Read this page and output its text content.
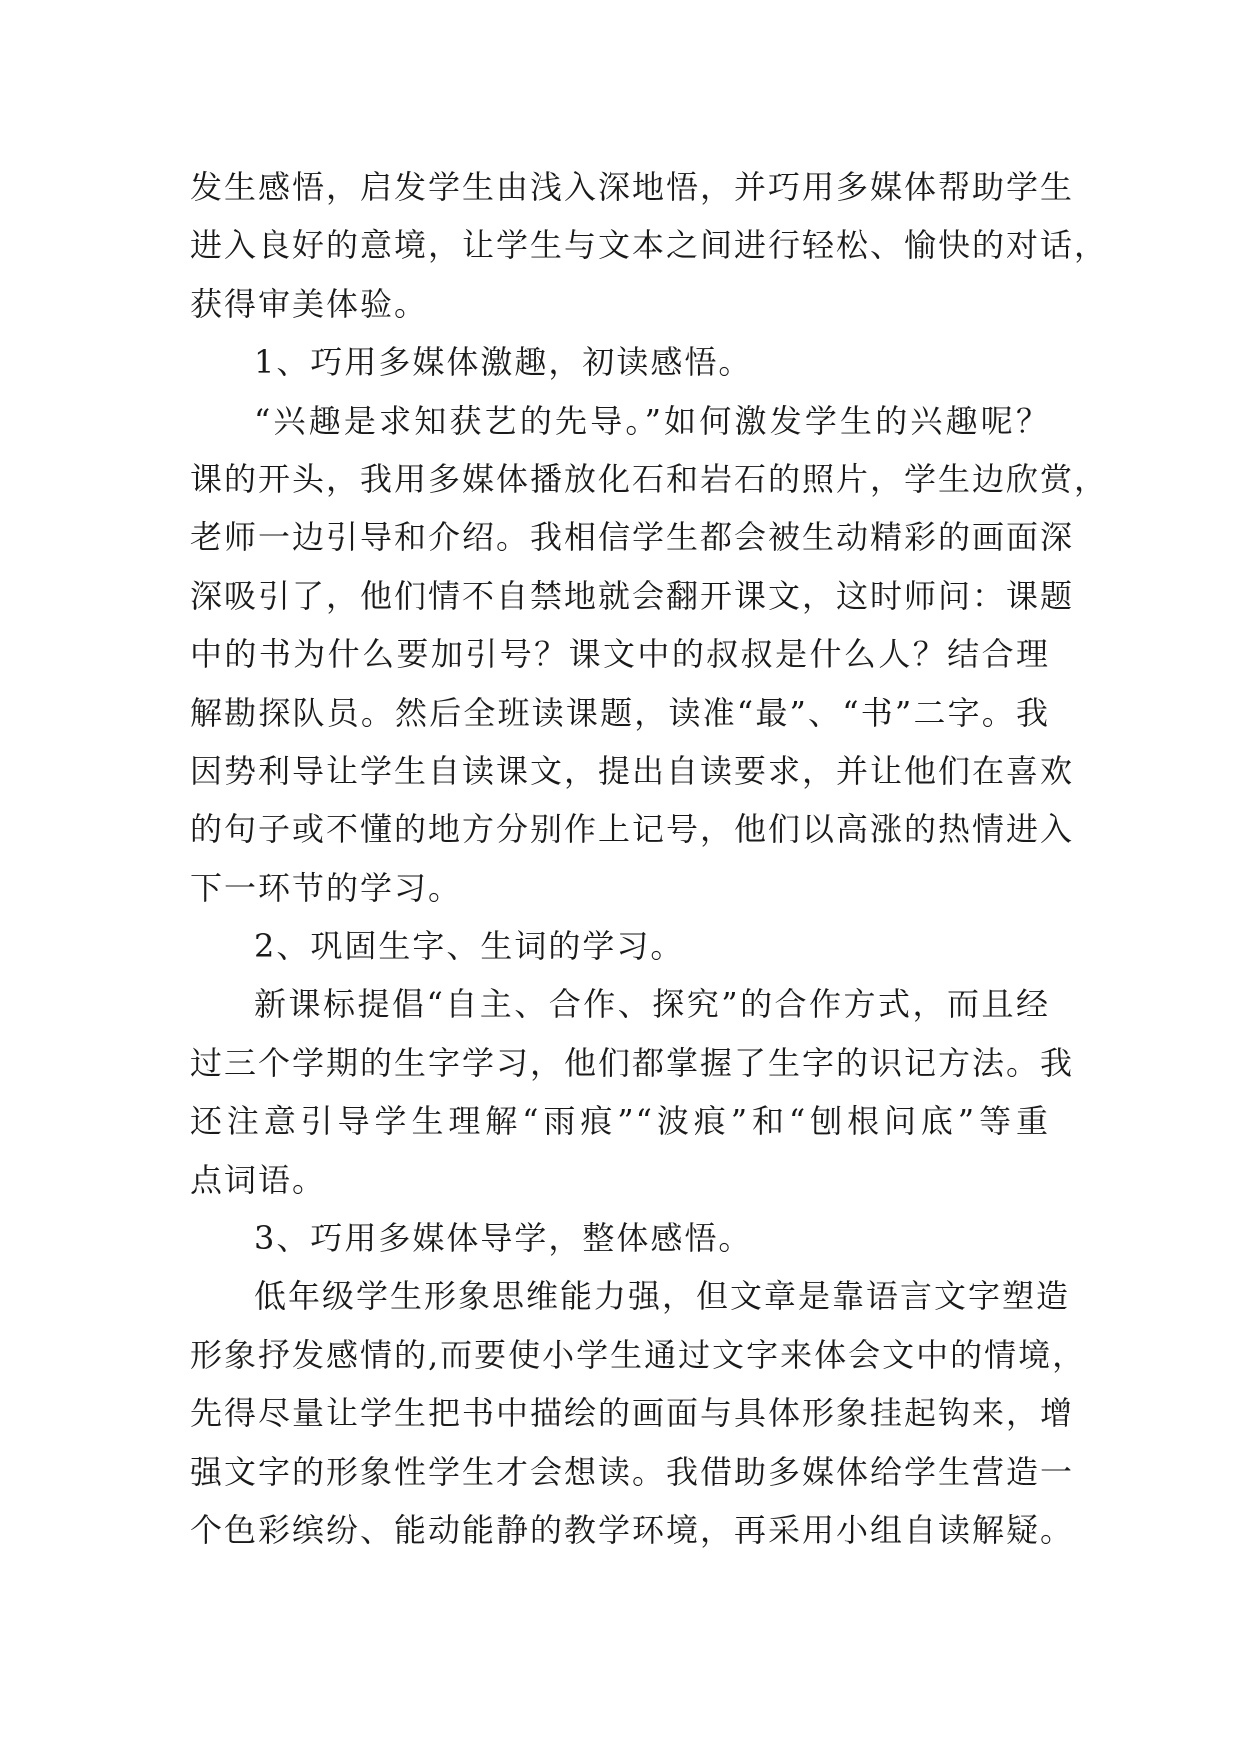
发生感悟，启发学生由浅入深地悟，并巧用多媒体帮助学生
进入良好的意境，让学生与文本之间进行轻松、愉快的对话，
获得审美体验。
1、巧用多媒体激趣，初读感悟。
“兴趣是求知获艺的先导。”如何激发学生的兴趣呢？
课的开头，我用多媒体播放化石和岩石的照片，学生边欣赏，
老师一边引导和介绍。我相信学生都会被生动精彩的画面深
深吸引了，他们情不自禁地就会翻开课文，这时师问：课题
中的书为什么要加引号？课文中的叔叔是什么人？结合理
解勘探队员。然后全班读课题，读准“最”、“书”二字。我
因势利导让学生自读课文，提出自读要求，并让他们在喜欢
的句子或不懂的地方分别作上记号，他们以高涨的热情进入
下一环节的学习。
2、巩固生字、生词的学习。
新课标提倡“自主、合作、探究”的合作方式，而且经
过三个学期的生字学习，他们都掌握了生字的识记方法。我
还注意引导学生理解“雨痕”“波痕”和“刨根问底”等重
点词语。
3、巧用多媒体导学，整体感悟。
低年级学生形象思维能力强，但文章是靠语言文字塑造
形象抒发感情的,而要使小学生通过文字来体会文中的情境，
先得尽量让学生把书中描绘的画面与具体形象挂起钩来，增
强文字的形象性学生才会想读。我借助多媒体给学生营造一
个色彩缤纷、能动能静的教学环境，再采用小组自读解疑。
